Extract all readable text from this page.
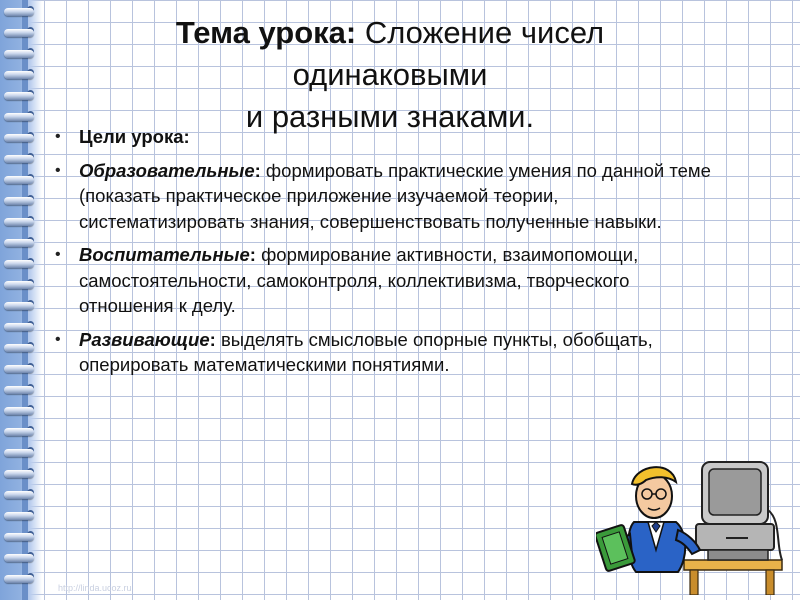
Тема урока: Сложение чисел
одинаковыми
и разными знаками.
• Цели урока:
• Образовательные: формировать практические умения по данной теме (показать практическое приложение изучаемой теории, систематизировать знания, совершенствовать полученные навыки.
• Воспитательные: формирование активности, взаимопомощи, самостоятельности, самоконтроля, коллективизма, творческого отношения к делу.
• Развивающие: выделять смысловые опорные пункты, обобщать, оперировать математическими понятиями.
http://linda.ucoz.ru
